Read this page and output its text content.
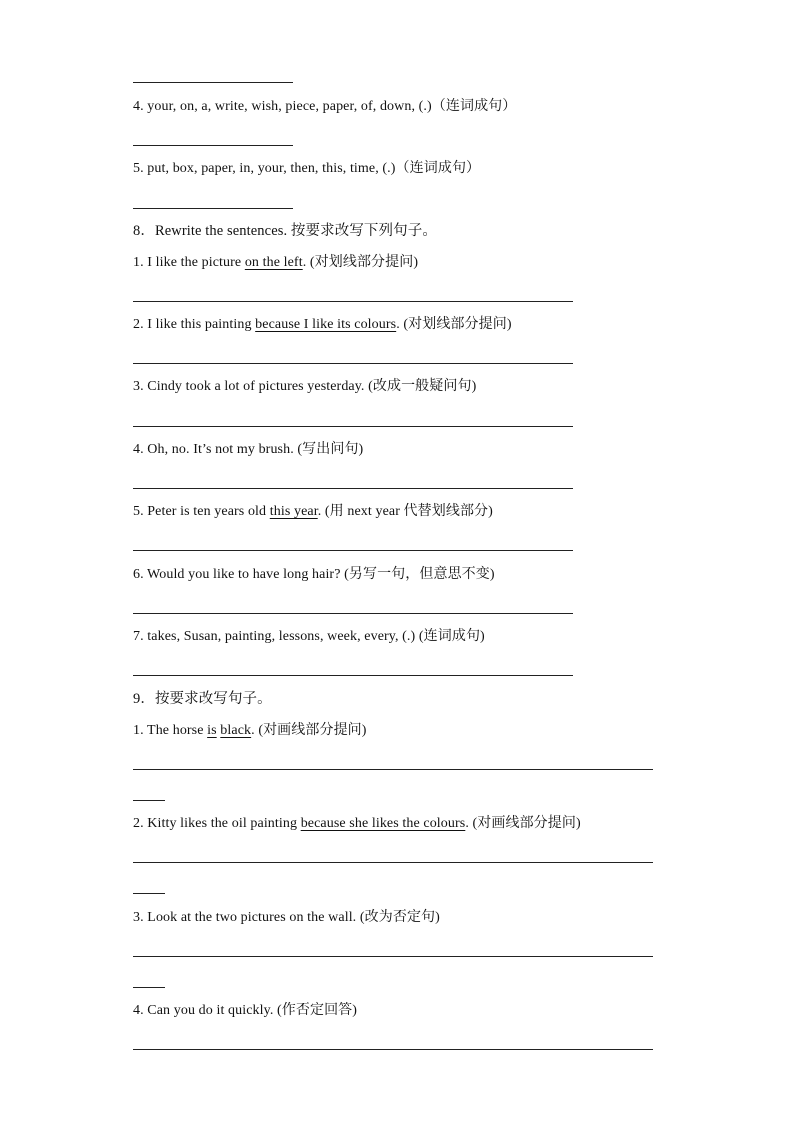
4. your, on, a, write, wish, piece, paper, of, down, (.)（连词成句）
5. put, box, paper, in, your, then, this, time, (.)（连词成句）
8．Rewrite the sentences. 按要求改写下列句子。
1. I like the picture on the left. (对划线部分提问)
2. I like this painting because I like its colours. (对划线部分提问)
3. Cindy took a lot of pictures yesterday. (改成一般疑问句)
4. Oh, no. It’s not my brush. (写出问句)
5. Peter is ten years old this year. (用 next year 代替划线部分)
6. Would you like to have long hair? (另写一句，但意思不变)
7. takes, Susan, painting, lessons, week, every, (.) (连词成句)
9．按要求改写句子。
1. The horse is black. (对画线部分提问)
2. Kitty likes the oil painting because she likes the colours. (对画线部分提问)
3. Look at the two pictures on the wall. (改为否定句)
4. Can you do it quickly. (作否定回答)
